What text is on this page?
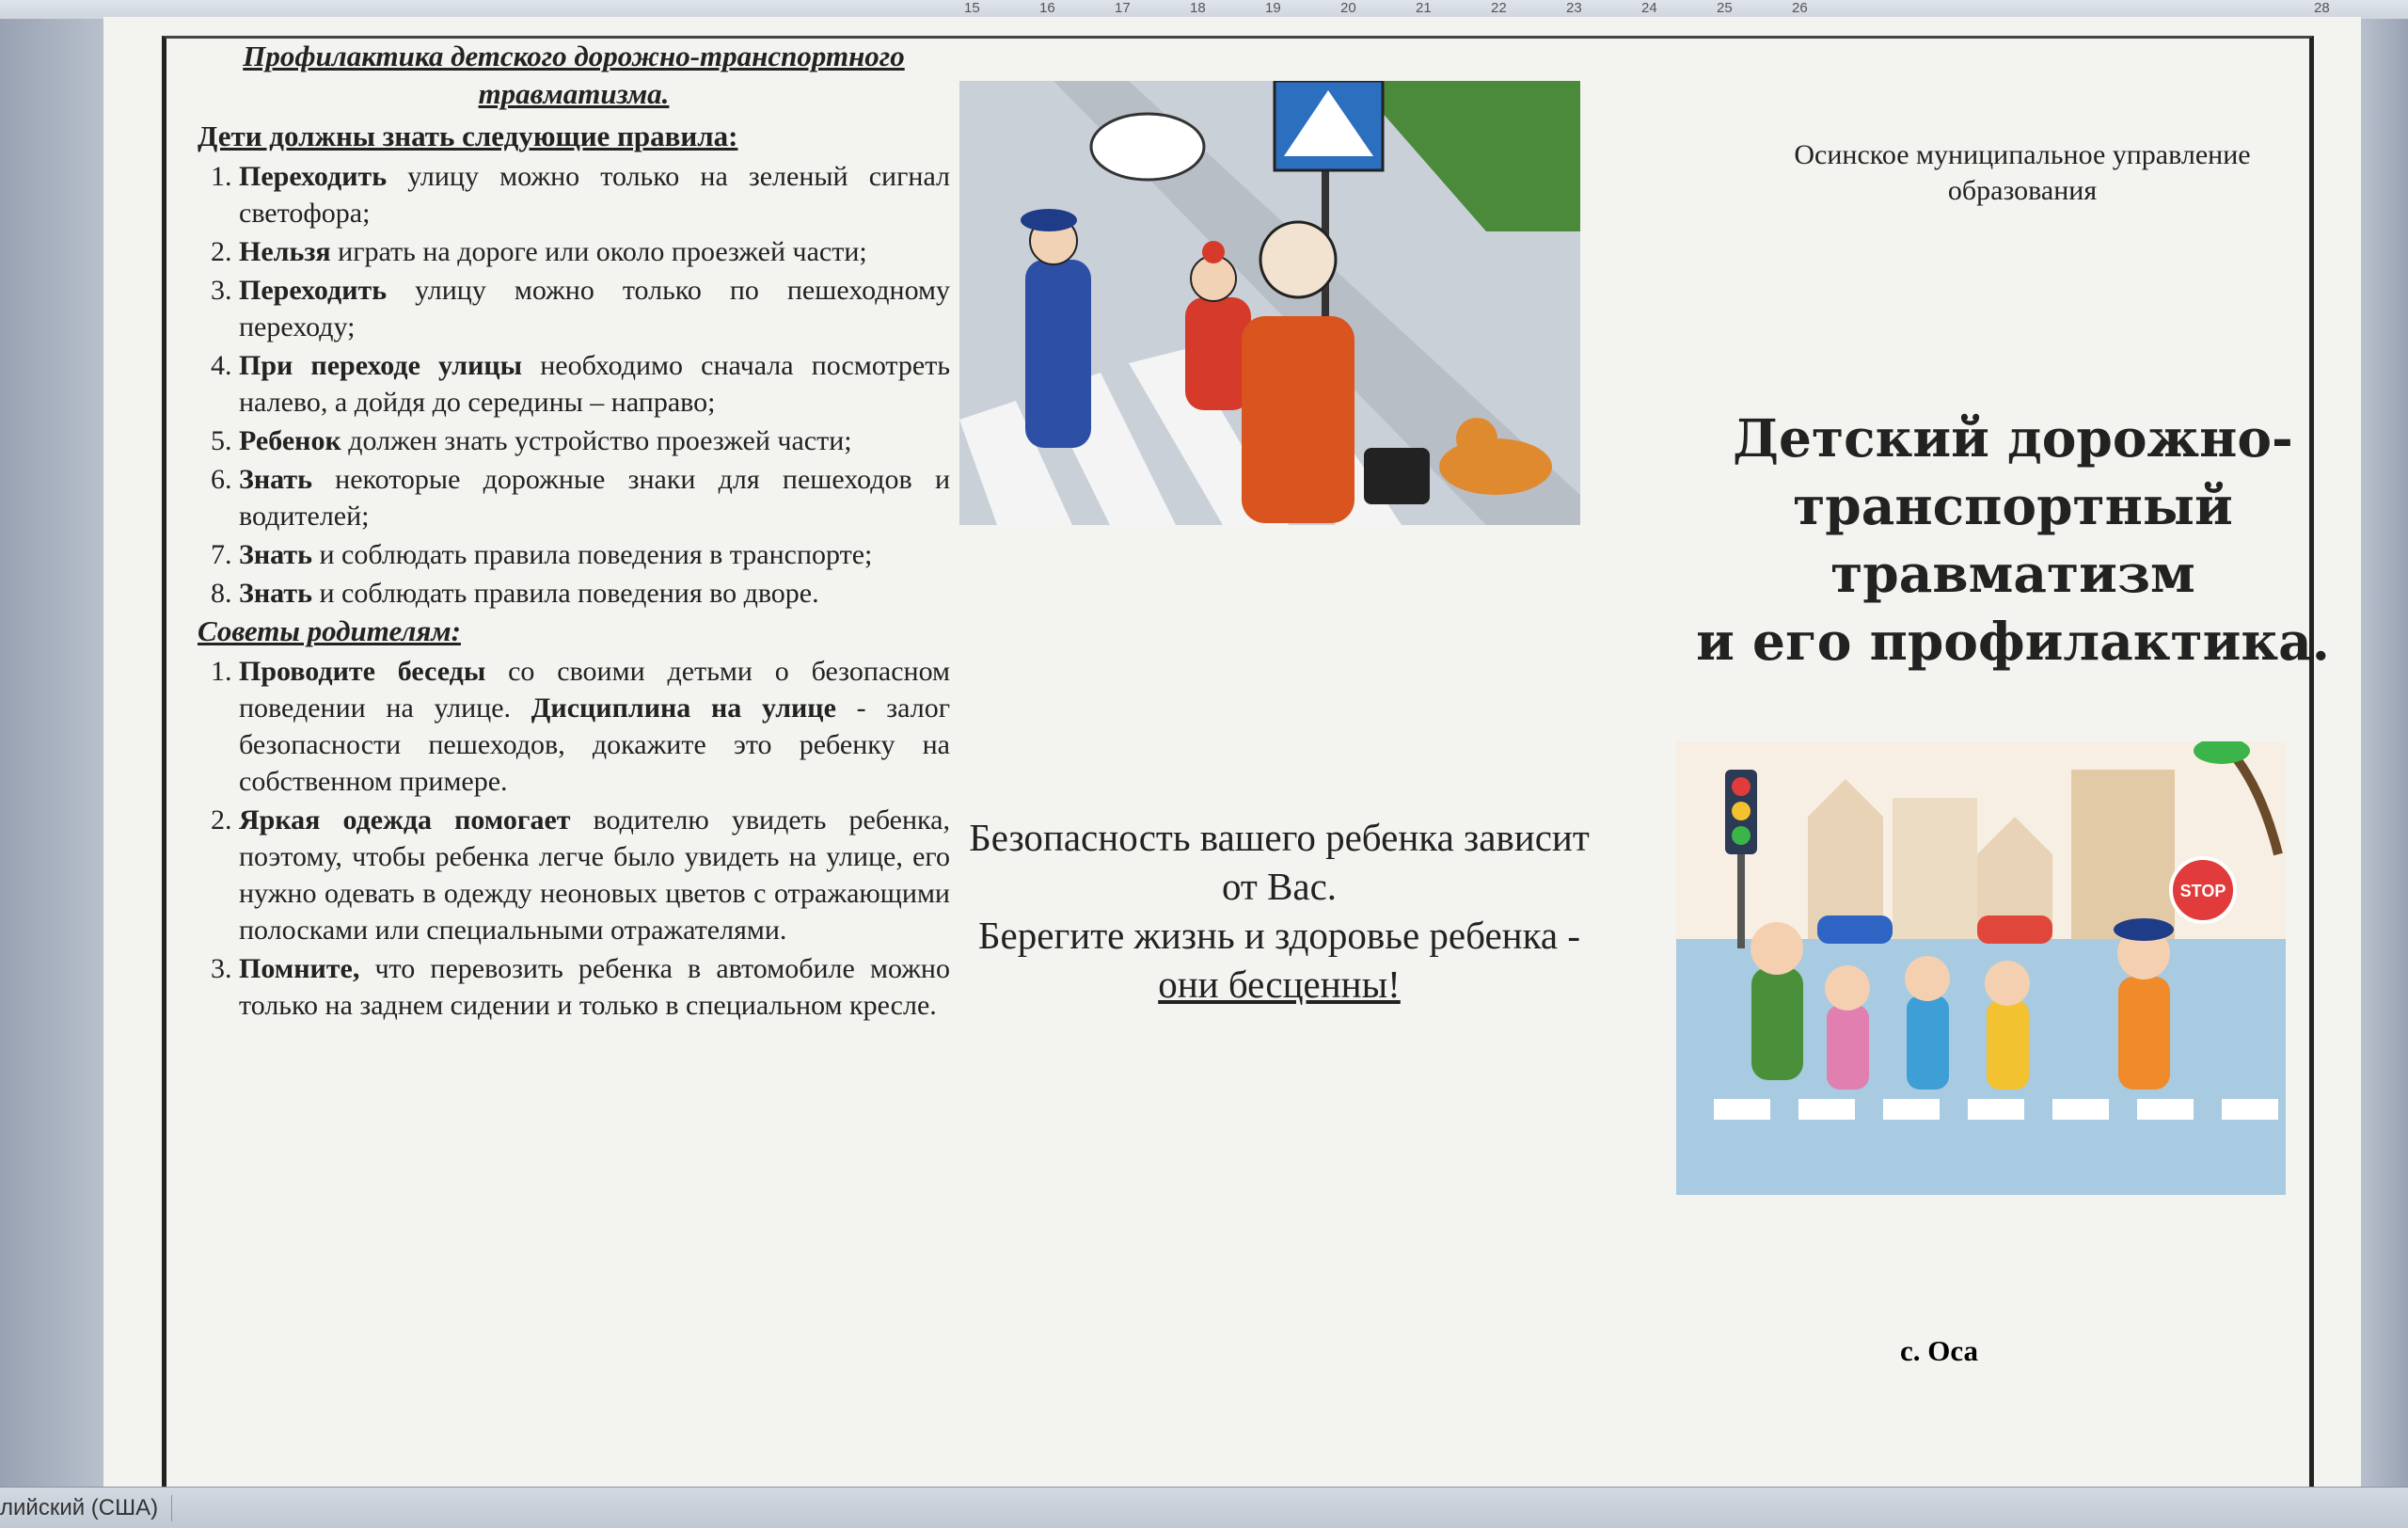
15	16	17	18	19	20	21	22	23	24	25	26	28
Профилактика детского дорожно-транспортного травматизма.
Дети должны знать следующие правила:
1. Переходить улицу можно только на зеленый сигнал светофора;
2. Нельзя играть на дороге или около проезжей части;
3. Переходить улицу можно только по пешеходному переходу;
4. При переходе улицы необходимо сначала посмотреть налево, а дойдя до середины – направо;
5. Ребенок должен знать устройство проезжей части;
6. Знать некоторые дорожные знаки для пешеходов и водителей;
7. Знать и соблюдать правила поведения в транспорте;
8. Знать и соблюдать правила поведения во дворе.
Советы родителям:
1. Проводите беседы со своими детьми о безопасном поведении на улице. Дисциплина на улице - залог безопасности пешеходов, докажите это ребенку на собственном примере.
2. Яркая одежда помогает водителю увидеть ребенка, поэтому, чтобы ребенка легче было увидеть на улице, его нужно одевать в одежду неоновых цветов с отражающими полосками или специальными отражателями.
3. Помните, что перевозить ребенка в автомобиле можно только на заднем сидении и только в специальном кресле.
Безопасность вашего ребенка зависит от Вас.
Берегите жизнь и здоровье ребенка - они бесценны!
Осинское муниципальное управление образования
Детский дорожно-
транспортный
травматизм
и его профилактика.
STOP
с. Оса
лийский (США)
